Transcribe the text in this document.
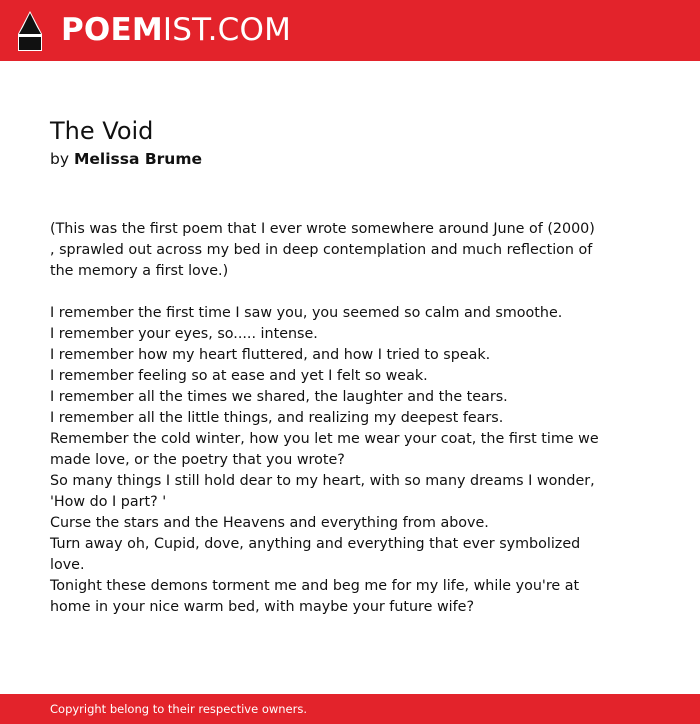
POEMIST.COM
The Void
by Melissa Brume
(This was the first poem that I ever wrote somewhere around June of (2000)
, sprawled out across my bed in deep contemplation and much reflection of
the memory a first love.)
I remember the first time I saw you, you seemed so calm and smoothe.
I remember your eyes, so..... intense.
I remember how my heart fluttered, and how I tried to speak.
I remember feeling so at ease and yet I felt so weak.
I remember all the times we shared, the laughter and the tears.
I remember all the little things, and realizing my deepest fears.
Remember the cold winter, how you let me wear your coat, the first time we
made love, or the poetry that you wrote?
So many things I still hold dear to my heart, with so many dreams I wonder,
'How do I part? '
Curse the stars and the Heavens and everything from above.
Turn away oh, Cupid, dove, anything and everything that ever symbolized
love.
Tonight these demons torment me and beg me for my life, while you're at
home in your nice warm bed, with maybe your future wife?
Copyright belong to their respective owners.
